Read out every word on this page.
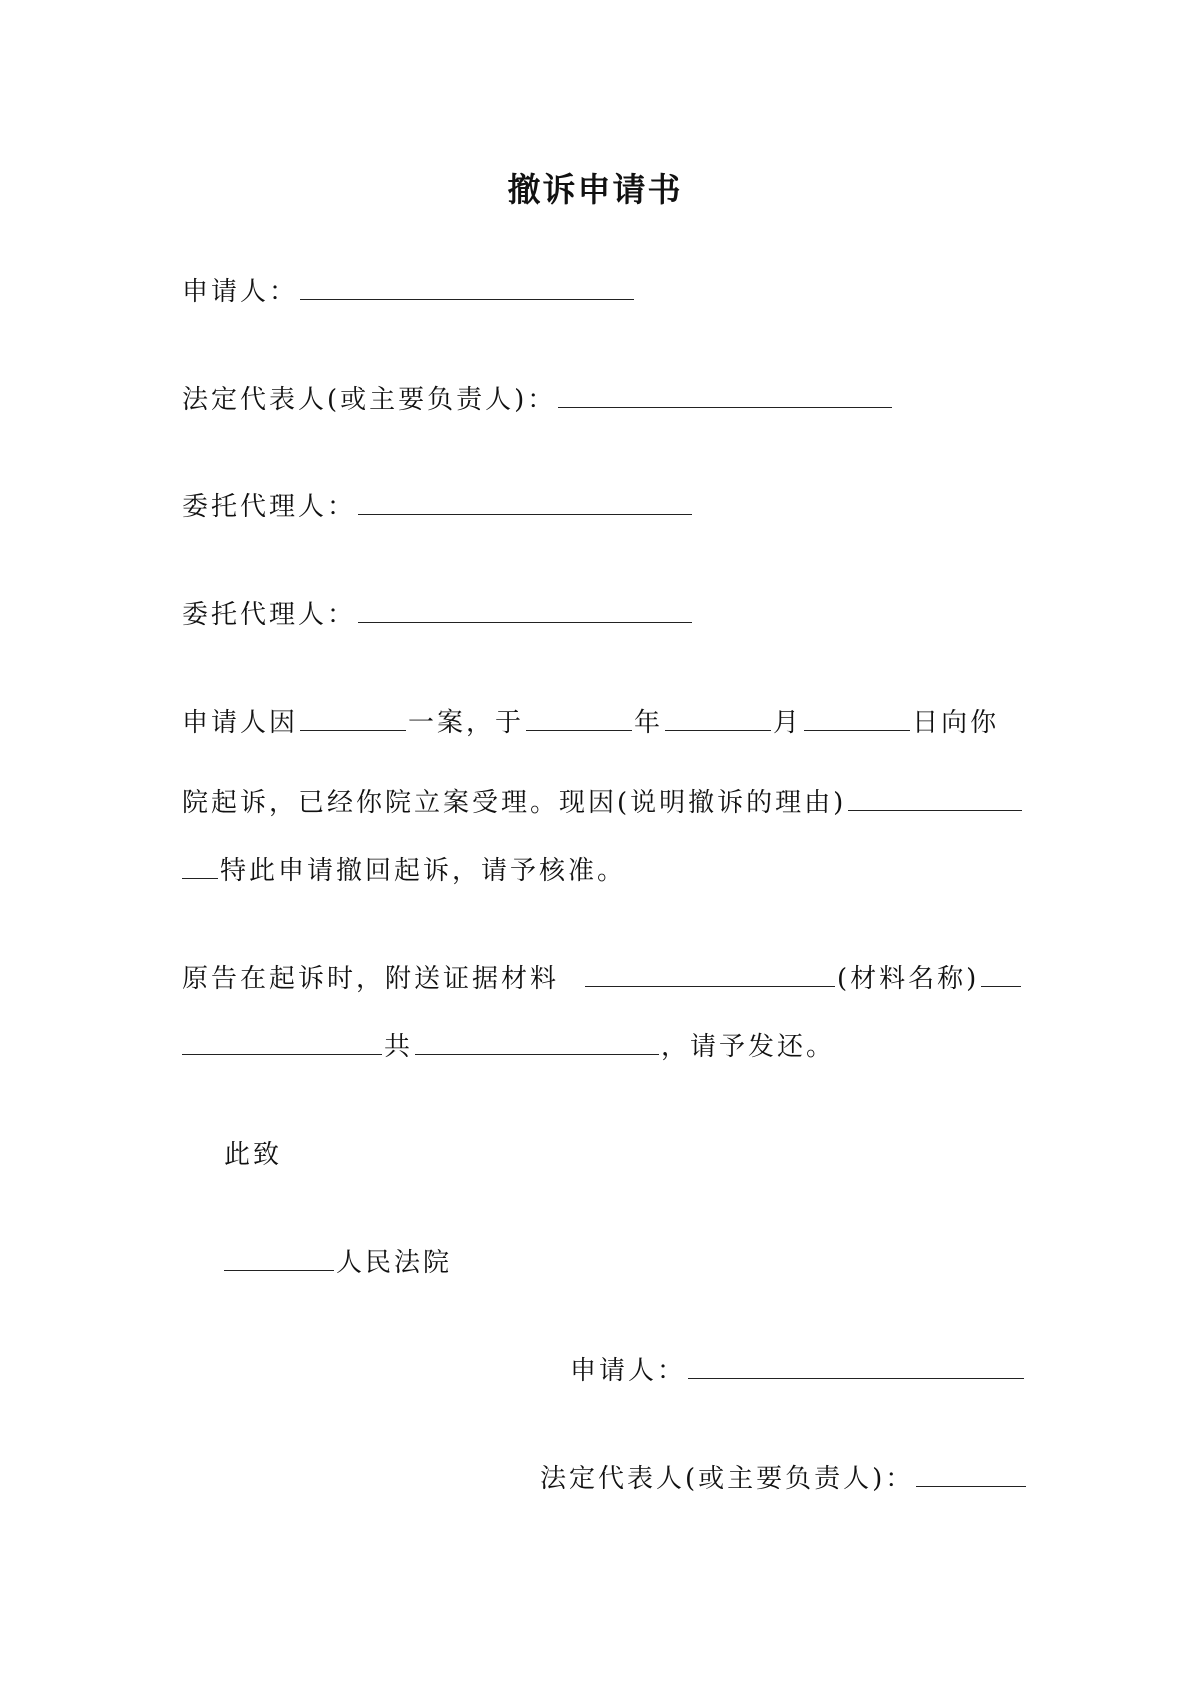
撤诉申请书
申请人：
法定代表人(或主要负责人)：
委托代理人：
委托代理人：
申请人因	一案，于	年	月	日向你
院起诉，已经你院立案受理。现因(说明撤诉的理由)
特此申请撤回起诉，请予核准。
原告在起诉时，附送证据材料	(材料名称)
共	，请予发还。
此致
人民法院
申请人：
法定代表人(或主要负责人)：
